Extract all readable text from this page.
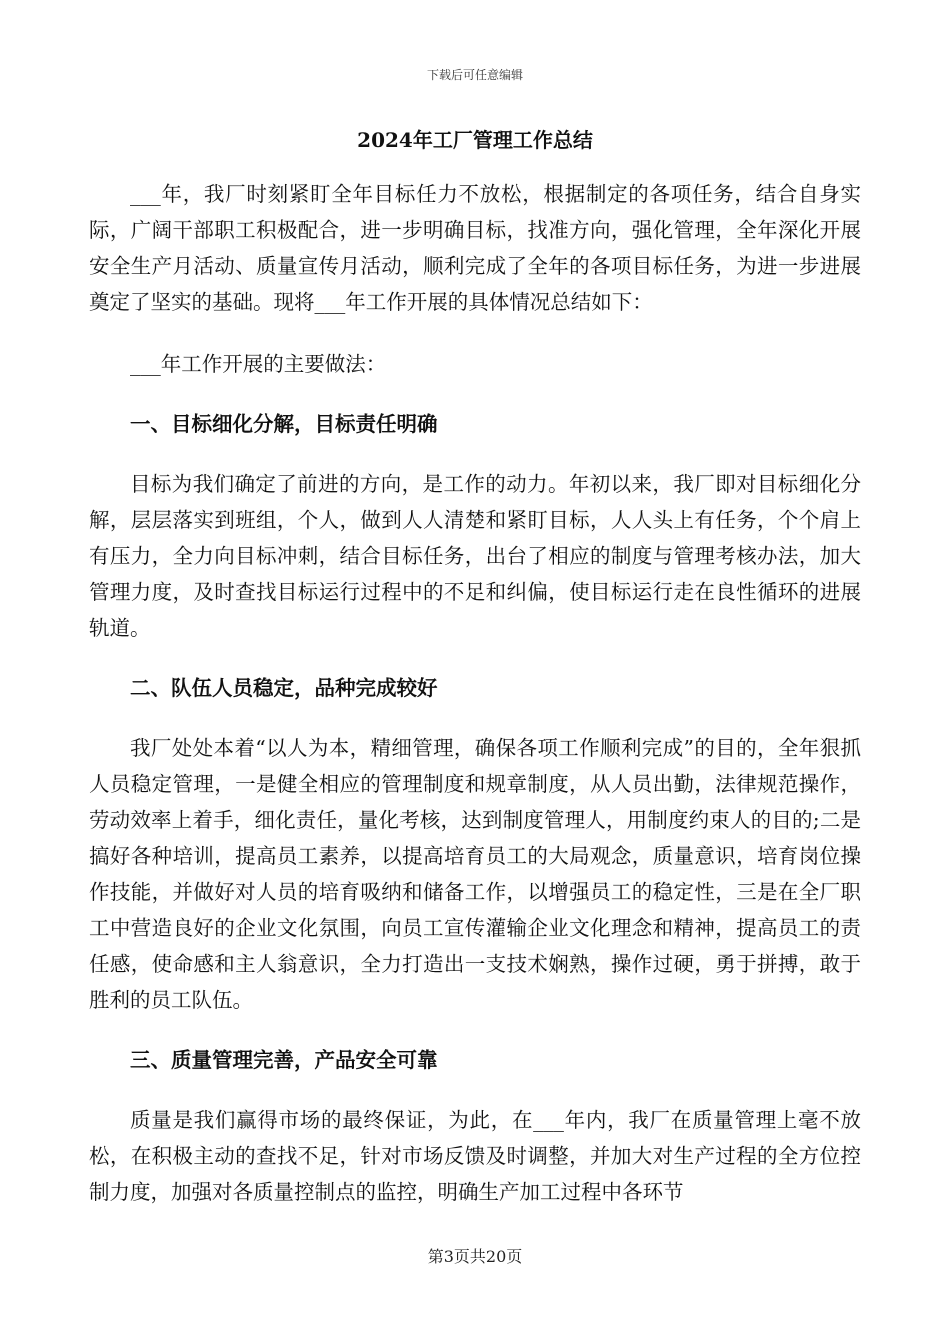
下载后可任意编辑
2024年工厂管理工作总结

___年，我厂时刻紧盯全年目标任力不放松，根据制定的各项任务，结合自身实际，广阔干部职工积极配合，进一步明确目标，找准方向，强化管理，全年深化开展安全生产月活动、质量宣传月活动，顺利完成了全年的各项目标任务，为进一步进展奠定了坚实的基础。现将___年工作开展的具体情况总结如下：

___年工作开展的主要做法：

一、目标细化分解，目标责任明确

目标为我们确定了前进的方向，是工作的动力。年初以来，我厂即对目标细化分解，层层落实到班组，个人，做到人人清楚和紧盯目标，人人头上有任务，个个肩上有压力，全力向目标冲刺，结合目标任务，出台了相应的制度与管理考核办法，加大管理力度，及时查找目标运行过程中的不足和纠偏，使目标运行走在良性循环的进展轨道。

二、队伍人员稳定，品种完成较好

我厂处处本着“以人为本，精细管理，确保各项工作顺利完成”的目的，全年狠抓人员稳定管理，一是健全相应的管理制度和规章制度，从人员出勤，法律规范操作，劳动效率上着手，细化责任，量化考核，达到制度管理人，用制度约束人的目的;二是搞好各种培训，提高员工素养，以提高培育员工的大局观念，质量意识，培育岗位操作技能，并做好对人员的培育吸纳和储备工作，以增强员工的稳定性，三是在全厂职工中营造良好的企业文化氛围，向员工宣传灌输企业文化理念和精神，提高员工的责任感，使命感和主人翁意识，全力打造出一支技术娴熟，操作过硬，勇于拼搏，敢于胜利的员工队伍。

三、质量管理完善，产品安全可靠

质量是我们赢得市场的最终保证，为此，在___年内，我厂在质量管理上毫不放松，在积极主动的查找不足，针对市场反馈及时调整，并加大对生产过程的全方位控制力度，加强对各质量控制点的监控，明确生产加工过程中各环节

第3页共20页
